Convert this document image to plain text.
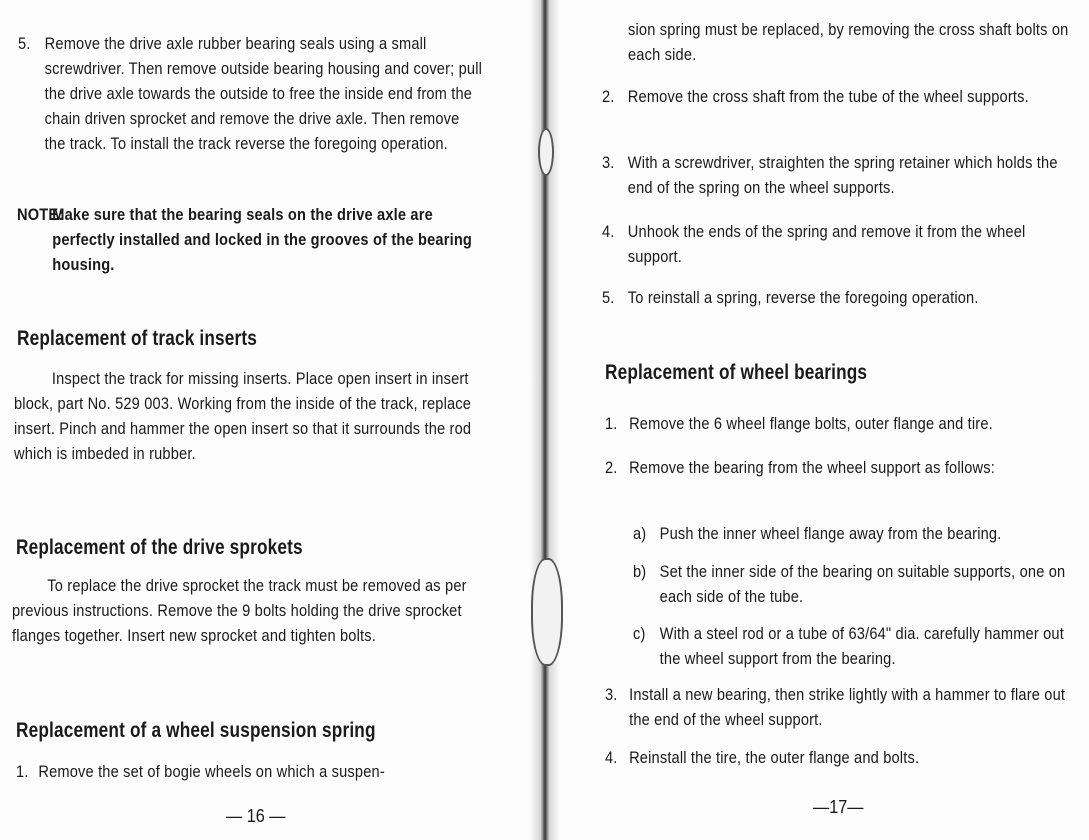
5. Remove the drive axle rubber bearing seals using a small screwdriver. Then remove outside bearing housing and cover; pull the drive axle towards the outside to free the inside end from the chain driven sprocket and remove the drive axle. Then remove the track. To install the track reverse the foregoing operation.
NOTE:
Make sure that the bearing seals on the drive axle are perfectly installed and locked in the grooves of the bearing housing.
Replacement of track inserts

Inspect the track for missing inserts. Place open insert in insert block, part No. 529 003. Working from the inside of the track, replace insert. Pinch and hammer the open insert so that it surrounds the rod which is imbeded in rubber.

Replacement of the drive sprokets

To replace the drive sprocket the track must be removed as per previous instructions. Remove the 9 bolts holding the drive sprocket flanges together. Insert new sprocket and tighten bolts.

Replacement of a wheel suspension spring
1. Remove the set of bogie wheels on which a suspen-
— 16 —

sion spring must be replaced, by removing the cross shaft bolts on each side.

2. Remove the cross shaft from the tube of the wheel supports.
3. With a screwdriver, straighten the spring retainer which holds the end of the spring on the wheel supports.
4. Unhook the ends of the spring and remove it from the wheel support.
5. To reinstall a spring, reverse the foregoing operation.
Replacement of wheel bearings
1. Remove the 6 wheel flange bolts, outer flange and tire.
2. Remove the bearing from the wheel support as follows:
a) Push the inner wheel flange away from the bearing.
b) Set the inner side of the bearing on suitable supports, one on each side of the tube.
c) With a steel rod or a tube of 63/64" dia. carefully hammer out the wheel support from the bearing.
3. Install a new bearing, then strike lightly with a hammer to flare out the end of the wheel support.
4. Reinstall the tire, the outer flange and bolts.
—17—
